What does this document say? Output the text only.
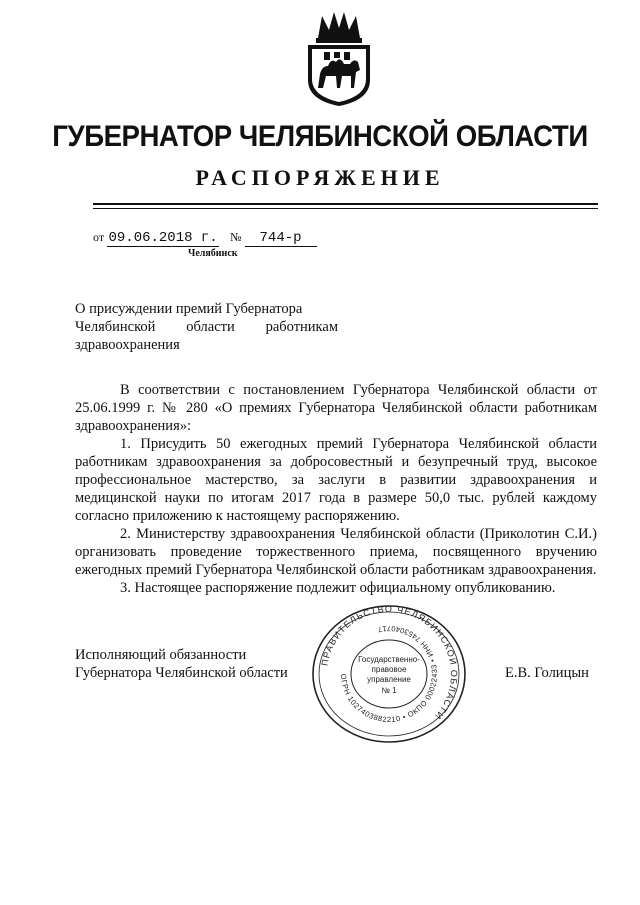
ГУБЕРНАТОР ЧЕЛЯБИНСКОЙ ОБЛАСТИ
РАСПОРЯЖЕНИЕ
от 09.06.2018 г. № 744-р
Челябинск

О присуждении премий Губернатора

Челябинской области работникам

здравоохранения

В соответствии с постановлением Губернатора Челябинской области от 25.06.1999 г. № 280 «О премиях Губернатора Челябинской области работникам здравоохранения»:

1. Присудить 50 ежегодных премий Губернатора Челябинской области работникам здравоохранения за добросовестный и безупречный труд, высокое профессиональное мастерство, за заслуги в развитии здравоохранения и медицинской науки по итогам 2017 года в размере 50,0 тыс. рублей каждому согласно приложению к настоящему распоряжению.

2. Министерству здравоохранения Челябинской области (Приколотин С.И.) организовать проведение торжественного приема, посвященного вручению ежегодных премий Губернатора Челябинской области работникам здравоохранения.

3. Настоящее распоряжение подлежит официальному опубликованию.

Исполняющий обязанности
Губернатора Челябинской области	Е.В. Голицын
ПРАВИТЕЛЬСТВО ЧЕЛЯБИНСКОЙ ОБЛАСТИ
ОГРН 1027403882210 • ОКПО 00022433 • ИНН 7453040717
Государственно-
правовое
управление
№ 1
